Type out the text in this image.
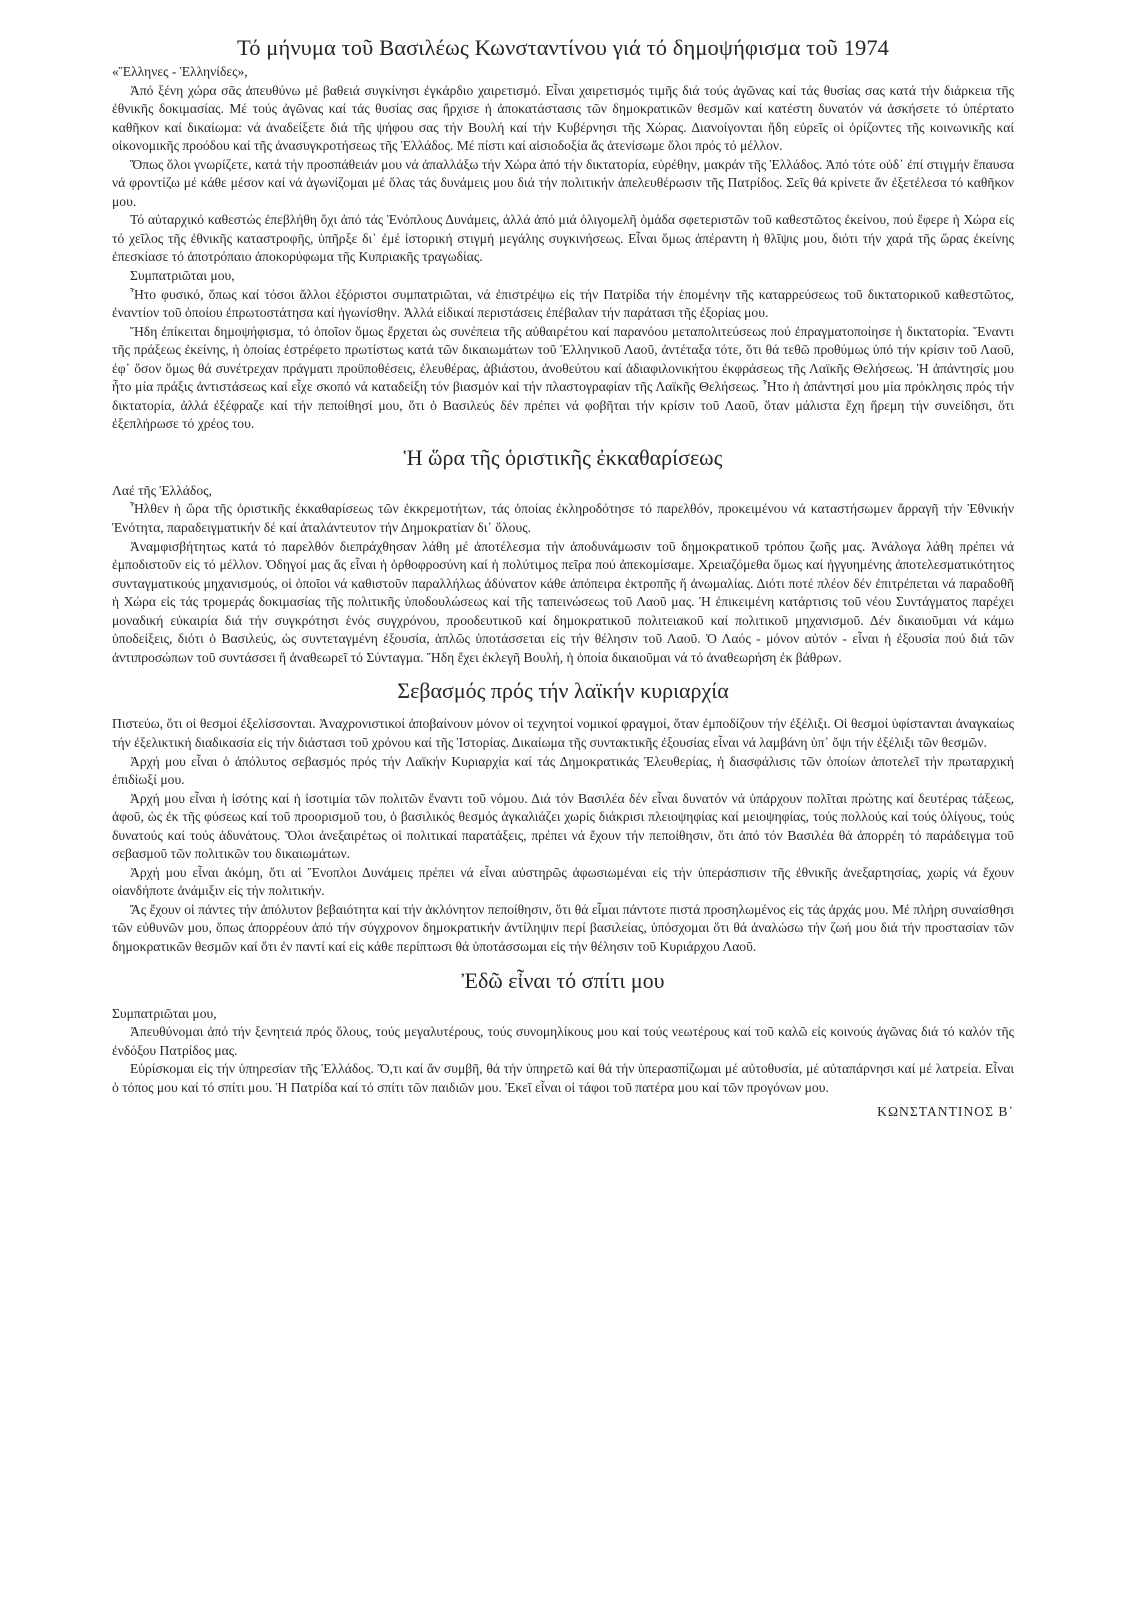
Τό μήνυμα τοῦ Βασιλέως Κωνσταντίνου γιά τό δημοψήφισμα τοῦ 1974

«Ἕλληνες - Ἑλληνίδες»,

Ἀπό ξένη χώρα σᾶς ἀπευθύνω μέ βαθειά συγκίνησι ἐγκάρδιο χαιρετισμό. Εἶναι χαιρετισμός τιμῆς διά τούς ἀγῶνας καί τάς θυσίας σας κατά τήν διάρκεια τῆς ἐθνικῆς δοκιμασίας. Μέ τούς ἀγῶνας καί τάς θυσίας σας ἤρχισε ἡ ἀποκατάστασις τῶν δημοκρατικῶν θεσμῶν καί κατέστη δυνατόν νά ἀσκήσετε τό ὑπέρτατο καθῆκον καί δικαίωμα: νά ἀναδείξετε διά τῆς ψήφου σας τήν Βουλή καί τήν Κυβέρνησι τῆς Χώρας. Διανοίγονται ἤδη εὐρεῖς οἱ ὁρίζοντες τῆς κοινωνικῆς καί οἰκονομικῆς προόδου καί τῆς ἀνασυγκροτήσεως τῆς Ἑλλάδος. Μέ πίστι καί αἰσιοδοξία ἄς ἀτενίσωμε ὅλοι πρός τό μέλλον.

Ὅπως ὅλοι γνωρίζετε, κατά τήν προσπάθειάν μου νά ἀπαλλάξω τήν Χώρα ἀπό τήν δικτατορία, εὑρέθην, μακράν τῆς Ἑλλάδος. Ἀπό τότε οὐδ᾽ ἐπί στιγμήν ἔπαυσα νά φροντίζω μέ κάθε μέσον καί νά ἀγωνίζομαι μέ ὅλας τάς δυνάμεις μου διά τήν πολιτικήν ἀπελευθέρωσιν τῆς Πατρίδος. Σεῖς θά κρίνετε ἄν ἐξετέλεσα τό καθῆκον μου.

Τό αὐταρχικό καθεστώς ἐπεβλήθη ὄχι ἀπό τάς Ἐνόπλους Δυνάμεις, ἀλλά ἀπό μιά ὀλιγομελῆ ὁμάδα σφετεριστῶν τοῦ καθεστῶτος ἐκείνου, πού ἔφερε ἡ Χώρα εἰς τό χεῖλος τῆς ἐθνικῆς καταστροφῆς, ὑπῆρξε δι᾽ ἐμέ ἱστορική στιγμή μεγάλης συγκινήσεως. Εἶναι ὅμως ἀπέραντη ἡ θλῖψις μου, διότι τήν χαρά τῆς ὥρας ἐκείνης ἐπεσκίασε τό ἀποτρόπαιο ἀποκορύφωμα τῆς Κυπριακῆς τραγωδίας.

Συμπατριῶται μου,

Ἦτο φυσικό, ὅπως καί τόσοι ἄλλοι ἐξόριστοι συμπατριῶται, νά ἐπιστρέψω εἰς τήν Πατρίδα τήν ἑπομένην τῆς καταρρεύσεως τοῦ δικτατορικοῦ καθεστῶτος, ἐναντίον τοῦ ὁποίου ἐπρωτοστάτησα καί ἠγωνίσθην. Ἀλλά εἰδικαί περιστάσεις ἐπέβαλαν τήν παράτασι τῆς ἐξορίας μου.

Ἤδη ἐπίκειται δημοψήφισμα, τό ὁποῖον ὅμως ἔρχεται ὡς συνέπεια τῆς αὐθαιρέτου καί παρανόου μεταπολιτεύσεως πού ἐπραγματοποίησε ἡ δικτατορία. Ἔναντι τῆς πράξεως ἐκείνης, ἡ ὁποίας ἐστρέφετο πρωτίστως κατά τῶν δικαιωμάτων τοῦ Ἑλληνικοῦ Λαοῦ, ἀντέταξα τότε, ὅτι θά τεθῶ προθύμως ὑπό τήν κρίσιν τοῦ Λαοῦ, ἐφ᾽ ὅσον ὅμως θά συνέτρεχαν πράγματι προϋποθέσεις, ἐλευθέρας, ἀβιάστου, ἀνοθεύτου καί ἀδιαφιλονικήτου ἐκφράσεως τῆς Λαϊκῆς Θελήσεως. Ἡ ἀπάντησίς μου ἦτο μία πράξις ἀντιστάσεως καί εἶχε σκοπό νά καταδείξη τόν βιασμόν καί τήν πλαστογραφίαν τῆς Λαϊκῆς Θελήσεως. Ἦτο ἡ ἀπάντησί μου μία πρόκλησις πρός τήν δικτατορία, ἀλλά ἐξέφραζε καί τήν πεποίθησί μου, ὅτι ὁ Βασιλεύς δέν πρέπει νά φοβῆται τήν κρίσιν τοῦ Λαοῦ, ὅταν μάλιστα ἔχη ἥρεμη τήν συνείδησι, ὅτι ἐξεπλήρωσε τό χρέος του.

Ἡ ὥρα τῆς ὁριστικῆς ἐκκαθαρίσεως

Λαέ τῆς Ἑλλάδος,

Ἦλθεν ἡ ὥρα τῆς ὁριστικῆς ἐκκαθαρίσεως τῶν ἐκκρεμοτήτων, τάς ὁποίας ἐκληροδότησε τό παρελθόν, προκειμένου νά καταστήσωμεν ἄρραγῆ τήν Ἐθνικήν Ἑνότητα, παραδειγματικήν δέ καί ἀταλάντευτον τήν Δημοκρατίαν δι᾽ ὅλους.

Ἀναμφισβήτητως κατά τό παρελθόν διεπράχθησαν λάθη μέ ἀποτέλεσμα τήν ἀποδυνάμωσιν τοῦ δημοκρατικοῦ τρόπου ζωῆς μας. Ἀνάλογα λάθη πρέπει νά ἐμποδιστοῦν εἰς τό μέλλον. Ὁδηγοί μας ἄς εἶναι ἡ ὀρθοφροσύνη καί ἡ πολύτιμος πεῖρα πού ἀπεκομίσαμε. Χρειαζόμεθα ὅμως καί ἠγγυημένης ἀποτελεσματικότητος συνταγματικούς μηχανισμούς, οἱ ὁποῖοι νά καθιστοῦν παραλλήλως ἀδύνατον κάθε ἀπόπειρα ἐκτροπῆς ἤ ἀνωμαλίας. Διότι ποτέ πλέον δέν ἐπιτρέπεται νά παραδοθῆ ἡ Χώρα εἰς τάς τρομεράς δοκιμασίας τῆς πολιτικῆς ὑποδουλώσεως καί τῆς ταπεινώσεως τοῦ Λαοῦ μας. Ἡ ἐπικειμένη κατάρτισις τοῦ νέου Συντάγματος παρέχει μοναδική εὐκαιρία διά τήν συγκρότησι ἑνός συγχρόνου, προοδευτικοῦ καί δημοκρατικοῦ πολιτειακοῦ καί πολιτικοῦ μηχανισμοῦ. Δέν δικαιοῦμαι νά κάμω ὑποδείξεις, διότι ὁ Βασιλεύς, ὡς συντεταγμένη ἐξουσία, ἁπλῶς ὑποτάσσεται εἰς τήν θέλησιν τοῦ Λαοῦ. Ὁ Λαός - μόνον αὐτόν - εἶναι ἡ ἐξουσία πού διά τῶν ἀντιπροσώπων τοῦ συντάσσει ἤ ἀναθεωρεῖ τό Σύνταγμα. Ἤδη ἔχει ἐκλεγῆ Βουλή, ἡ ὁποία δικαιοῦμαι νά τό ἀναθεωρήση ἐκ βάθρων.

Σεβασμός πρός τήν λαϊκήν κυριαρχία

Πιστεύω, ὅτι οἱ θεσμοί ἐξελίσσονται. Ἀναχρονιστικοί ἀποβαίνουν μόνον οἱ τεχνητοί νομικοί φραγμοί, ὅταν ἐμποδίζουν τήν ἐξέλιξι. Οἱ θεσμοί ὑφίστανται ἀναγκαίως τήν ἐξελικτική διαδικασία εἰς τήν διάστασι τοῦ χρόνου καί τῆς Ἱστορίας. Δικαίωμα τῆς συντακτικῆς ἐξουσίας εἶναι νά λαμβάνη ὑπ᾽ ὄψι τήν ἐξέλιξι τῶν θεσμῶν.

Ἀρχή μου εἶναι ὁ ἀπόλυτος σεβασμός πρός τήν Λαϊκήν Κυριαρχία καί τάς Δημοκρατικάς Ἐλευθερίας, ἡ διασφάλισις τῶν ὁποίων ἀποτελεῖ τήν πρωταρχική ἐπιδίωξί μου.

Ἀρχή μου εἶναι ἡ ἰσότης καί ἡ ἰσοτιμία τῶν πολιτῶν ἔναντι τοῦ νόμου. Διά τόν Βασιλέα δέν εἶναι δυνατόν νά ὑπάρχουν πολῖται πρώτης καί δευτέρας τάξεως, ἀφοῦ, ὡς ἐκ τῆς φύσεως καί τοῦ προορισμοῦ του, ὁ βασιλικός θεσμός ἀγκαλιάζει χωρίς διάκρισι πλειοψηφίας καί μειοψηφίας, τούς πολλούς καί τούς ὀλίγους, τούς δυνατούς καί τούς ἀδυνάτους. Ὅλοι ἀνεξαιρέτως οἱ πολιτικαί παρατάξεις, πρέπει νά ἔχουν τήν πεποίθησιν, ὅτι ἀπό τόν Βασιλέα θά ἀπορρέη τό παράδειγμα τοῦ σεβασμοῦ τῶν πολιτικῶν του δικαιωμάτων.

Ἀρχή μου εἶναι ἀκόμη, ὅτι αἱ Ἔνοπλοι Δυνάμεις πρέπει νά εἶναι αὐστηρῶς ἀφωσιωμέναι εἰς τήν ὑπεράσπισιν τῆς ἐθνικῆς ἀνεξαρτησίας, χωρίς νά ἔχουν οἱανδήποτε ἀνάμιξιν εἰς τήν πολιτικήν.

Ἄς ἔχουν οἱ πάντες τήν ἀπόλυτον βεβαιότητα καί τήν ἀκλόνητον πεποίθησιν, ὅτι θά εἶμαι πάντοτε πιστά προσηλωμένος εἰς τάς ἀρχάς μου. Μέ πλήρη συναίσθησι τῶν εὐθυνῶν μου, ὅπως ἀπορρέουν ἀπό τήν σύγχρονον δημοκρατικήν ἀντίληψιν περί βασιλείας, ὑπόσχομαι ὅτι θά ἀναλώσω τήν ζωή μου διά τήν προστασίαν τῶν δημοκρατικῶν θεσμῶν καί ὅτι ἐν παντί καί εἰς κάθε περίπτωσι θά ὑποτάσσωμαι εἰς τήν θέλησιν τοῦ Κυριάρχου Λαοῦ.

Ἐδῶ εἶναι τό σπίτι μου

Συμπατριῶται μου,

Ἀπευθύνομαι ἀπό τήν ξενητειά πρός ὅλους, τούς μεγαλυτέρους, τούς συνομηλίκους μου καί τούς νεωτέρους καί τοῦ καλῶ εἰς κοινούς ἀγῶνας διά τό καλόν τῆς ἐνδόξου Πατρίδος μας.

Εὑρίσκομαι εἰς τήν ὑπηρεσίαν τῆς Ἑλλάδος. Ὅ,τι καί ἄν συμβῆ, θά τήν ὑπηρετῶ καί θά τήν ὑπερασπίζωμαι μέ αὐτοθυσία, μέ αὐταπάρνησι καί μέ λατρεία. Εἶναι ὁ τόπος μου καί τό σπίτι μου. Ἡ Πατρίδα καί τό σπίτι τῶν παιδιῶν μου. Ἐκεῖ εἶναι οἱ τάφοι τοῦ πατέρα μου καί τῶν προγόνων μου.

ΚΩΝΣΤΑΝΤΙΝΟΣ Β᾽
